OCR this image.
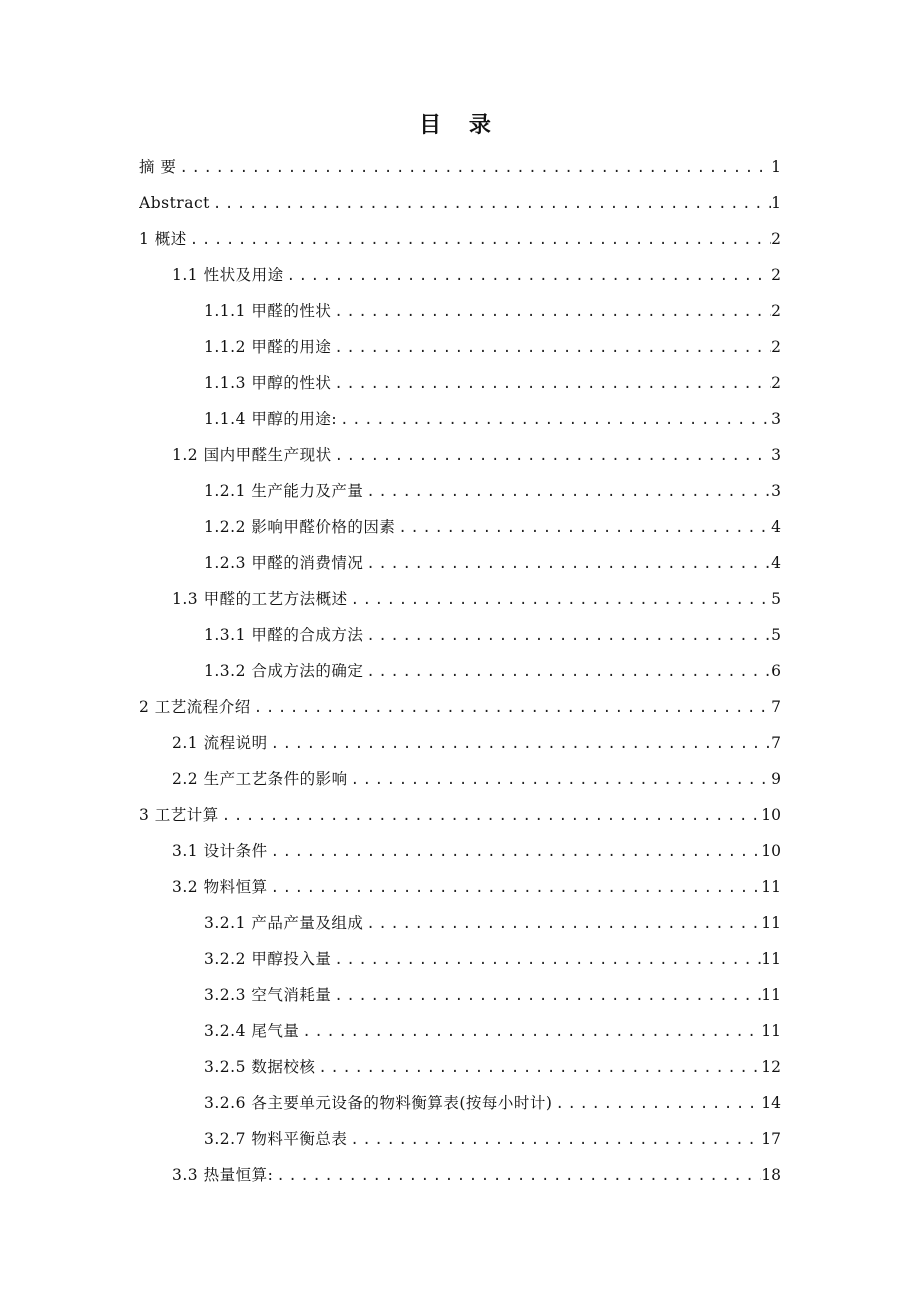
目 录
摘 要 .....	1
Abstract .....	1
1 概述 .....	2
1.1 性状及用途 .....	2
1.1.1 甲醛的性状 .....	2
1.1.2 甲醛的用途 .....	2
1.1.3 甲醇的性状 .....	2
1.1.4 甲醇的用途: .....	3
1.2 国内甲醛生产现状 .....	3
1.2.1 生产能力及产量 .....	3
1.2.2 影响甲醛价格的因素 .....	4
1.2.3 甲醛的消费情况 .....	4
1.3 甲醛的工艺方法概述 .....	5
1.3.1 甲醛的合成方法 .....	5
1.3.2 合成方法的确定 .....	6
2 工艺流程介绍 .....	7
2.1 流程说明 .....	7
2.2 生产工艺条件的影响 .....	9
3 工艺计算 .....	10
3.1 设计条件 .....	10
3.2 物料恒算 .....	11
3.2.1 产品产量及组成 .....	11
3.2.2 甲醇投入量 .....	11
3.2.3 空气消耗量 .....	11
3.2.4 尾气量 .....	11
3.2.5 数据校核 .....	12
3.2.6 各主要单元设备的物料衡算表(按每小时计) .....	14
3.2.7 物料平衡总表 .....	17
3.3 热量恒算: .....	18
